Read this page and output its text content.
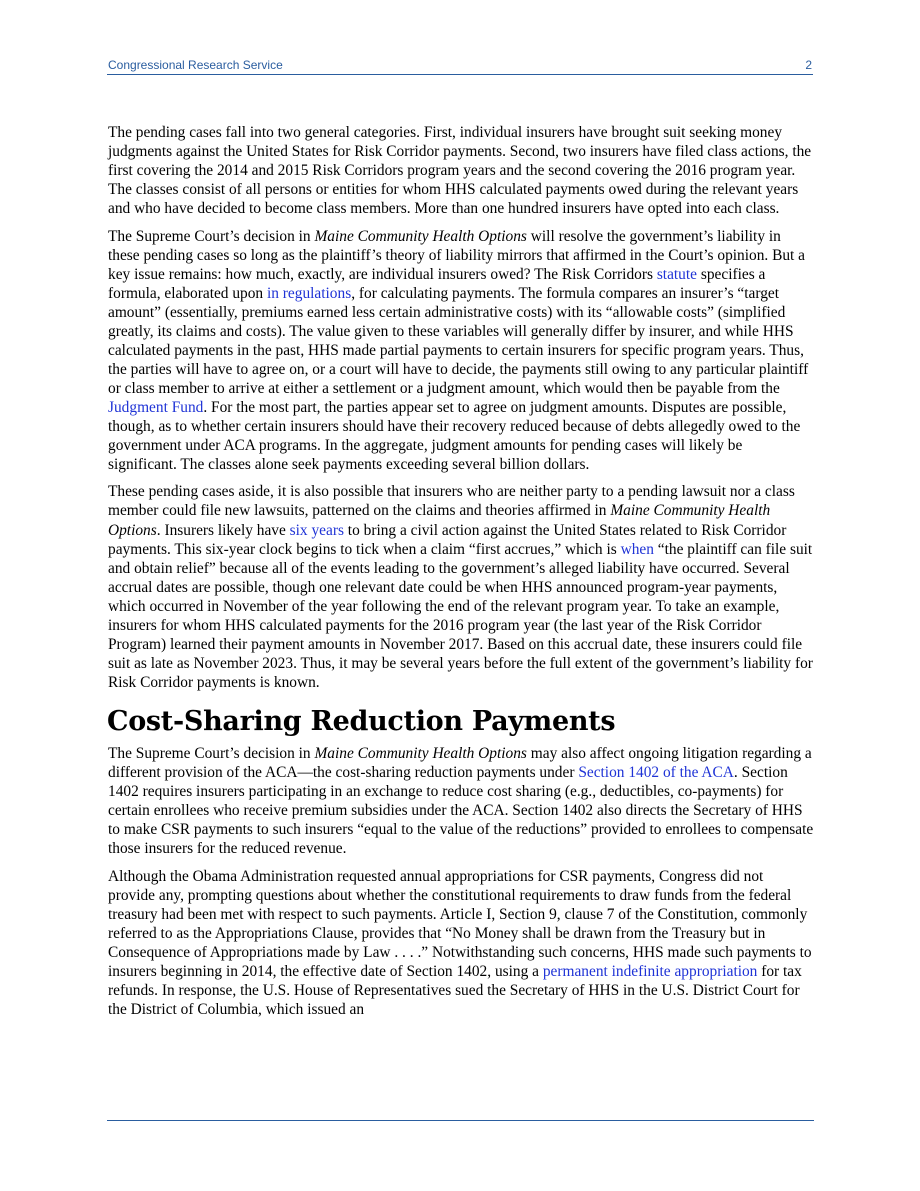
Congressional Research Service	2

The pending cases fall into two general categories. First, individual insurers have brought suit seeking money judgments against the United States for Risk Corridor payments. Second, two insurers have filed class actions, the first covering the 2014 and 2015 Risk Corridors program years and the second covering the 2016 program year. The classes consist of all persons or entities for whom HHS calculated payments owed during the relevant years and who have decided to become class members. More than one hundred insurers have opted into each class.

The Supreme Court’s decision in Maine Community Health Options will resolve the government’s liability in these pending cases so long as the plaintiff’s theory of liability mirrors that affirmed in the Court’s opinion. But a key issue remains: how much, exactly, are individual insurers owed? The Risk Corridors statute specifies a formula, elaborated upon in regulations, for calculating payments. The formula compares an insurer’s “target amount” (essentially, premiums earned less certain administrative costs) with its “allowable costs” (simplified greatly, its claims and costs). The value given to these variables will generally differ by insurer, and while HHS calculated payments in the past, HHS made partial payments to certain insurers for specific program years. Thus, the parties will have to agree on, or a court will have to decide, the payments still owing to any particular plaintiff or class member to arrive at either a settlement or a judgment amount, which would then be payable from the Judgment Fund. For the most part, the parties appear set to agree on judgment amounts. Disputes are possible, though, as to whether certain insurers should have their recovery reduced because of debts allegedly owed to the government under ACA programs. In the aggregate, judgment amounts for pending cases will likely be significant. The classes alone seek payments exceeding several billion dollars.

These pending cases aside, it is also possible that insurers who are neither party to a pending lawsuit nor a class member could file new lawsuits, patterned on the claims and theories affirmed in Maine Community Health Options. Insurers likely have six years to bring a civil action against the United States related to Risk Corridor payments. This six-year clock begins to tick when a claim “first accrues,” which is when “the plaintiff can file suit and obtain relief” because all of the events leading to the government’s alleged liability have occurred. Several accrual dates are possible, though one relevant date could be when HHS announced program-year payments, which occurred in November of the year following the end of the relevant program year. To take an example, insurers for whom HHS calculated payments for the 2016 program year (the last year of the Risk Corridor Program) learned their payment amounts in November 2017. Based on this accrual date, these insurers could file suit as late as November 2023. Thus, it may be several years before the full extent of the government’s liability for Risk Corridor payments is known.

Cost-Sharing Reduction Payments

The Supreme Court’s decision in Maine Community Health Options may also affect ongoing litigation regarding a different provision of the ACA—the cost-sharing reduction payments under Section 1402 of the ACA. Section 1402 requires insurers participating in an exchange to reduce cost sharing (e.g., deductibles, co-payments) for certain enrollees who receive premium subsidies under the ACA. Section 1402 also directs the Secretary of HHS to make CSR payments to such insurers “equal to the value of the reductions” provided to enrollees to compensate those insurers for the reduced revenue.

Although the Obama Administration requested annual appropriations for CSR payments, Congress did not provide any, prompting questions about whether the constitutional requirements to draw funds from the federal treasury had been met with respect to such payments. Article I, Section 9, clause 7 of the Constitution, commonly referred to as the Appropriations Clause, provides that “No Money shall be drawn from the Treasury but in Consequence of Appropriations made by Law . . . .” Notwithstanding such concerns, HHS made such payments to insurers beginning in 2014, the effective date of Section 1402, using a permanent indefinite appropriation for tax refunds. In response, the U.S. House of Representatives sued the Secretary of HHS in the U.S. District Court for the District of Columbia, which issued an
